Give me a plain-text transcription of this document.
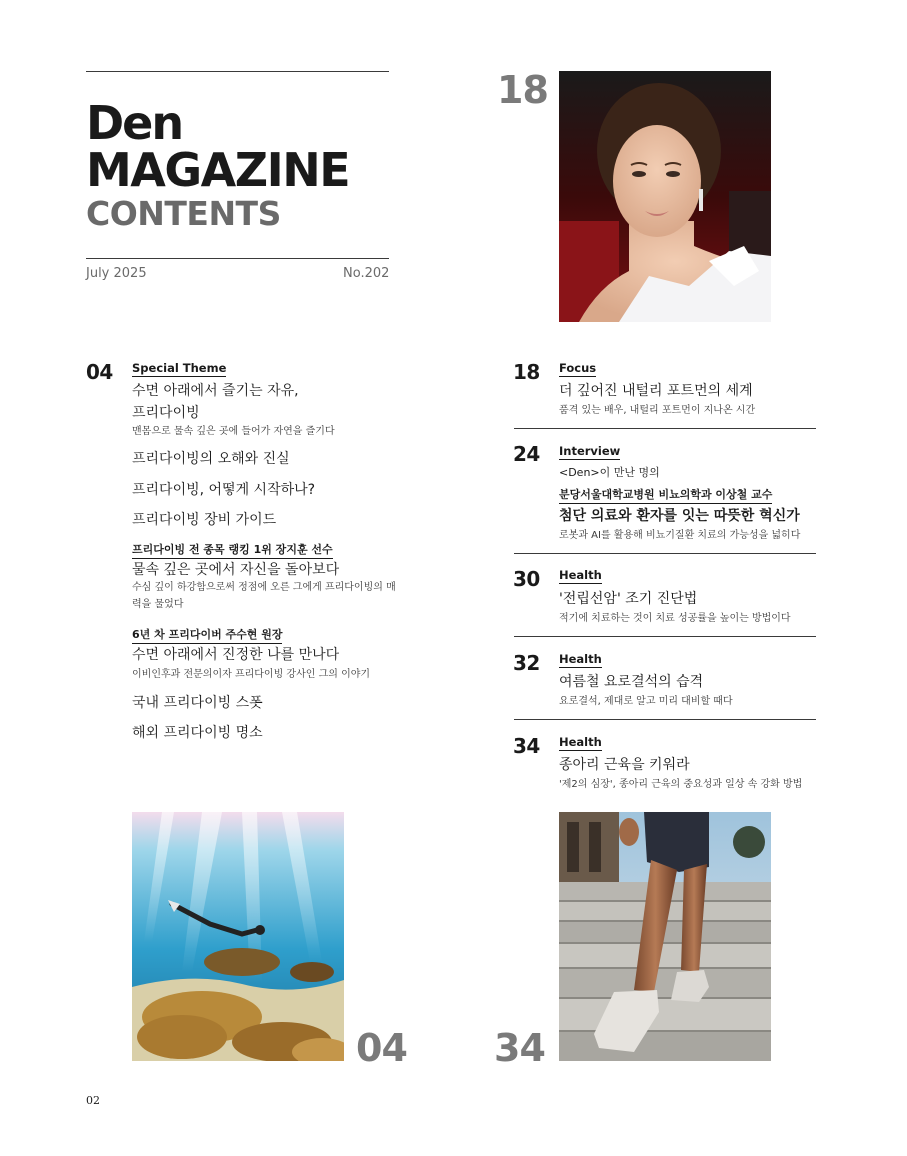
Den
MAGAZINE
CONTENTS
July 2025	No.202
18
04 Special Theme
수면 아래에서 즐기는 자유,
프리다이빙
맨몸으로 물속 깊은 곳에 들어가 자연을 즐기다
프리다이빙의 오해와 진실
프리다이빙, 어떻게 시작하나?
프리다이빙 장비 가이드
프리다이빙 전 종목 랭킹 1위 장지훈 선수
물속 깊은 곳에서 자신을 돌아보다
수심 깊이 하강함으로써 정점에 오른 그에게 프리다이빙의 매력을 물었다
6년 차 프리다이버 주수현 원장
수면 아래에서 진정한 나를 만나다
이비인후과 전문의이자 프리다이빙 강사인 그의 이야기
국내 프리다이빙 스폿
해외 프리다이빙 명소
18 Focus
더 깊어진 내털리 포트먼의 세계
품격 있는 배우, 내털리 포트먼이 지나온 시간
24 Interview
<Den>이 만난 명의
분당서울대학교병원 비뇨의학과 이상철 교수
첨단 의료와 환자를 잇는 따뜻한 혁신가
로봇과 AI를 활용해 비뇨기질환 치료의 가능성을 넓히다
30 Health
'전립선암' 조기 진단법
적기에 치료하는 것이 치료 성공률을 높이는 방법이다
32 Health
여름철 요로결석의 습격
요로결석, 제대로 알고 미리 대비할 때다
34 Health
종아리 근육을 키워라
'제2의 심장', 종아리 근육의 중요성과 일상 속 강화 방법
04 34
02
